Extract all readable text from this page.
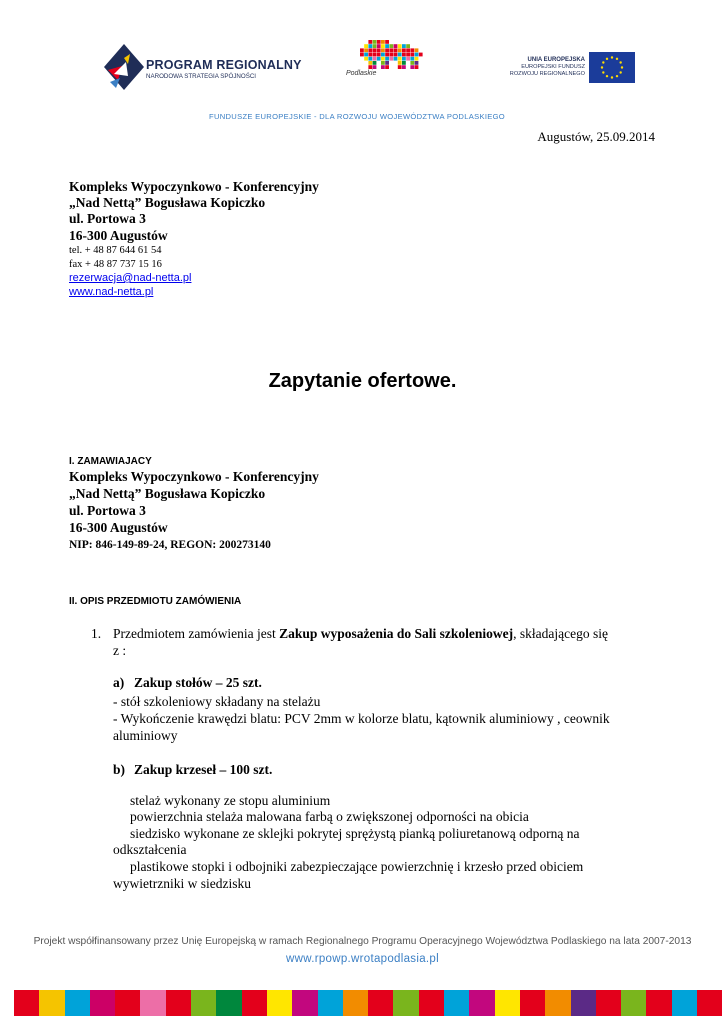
PROGRAM REGIONALNY
NARODOWA STRATEGIA SPÓJNOŚCI	Podlaskie
UNIA EUROPEJSKA
EUROPEJSKI FUNDUSZ
ROZWOJU REGIONALNEGO
FUNDUSZE EUROPEJSKIE - DLA ROZWOJU WOJEWÓDZTWA PODLASKIEGO
Augustów, 25.09.2014
Kompleks Wypoczynkowo - Konferencyjny
„Nad Nettą” Bogusława Kopiczko
ul. Portowa 3
16-300 Augustów
tel. + 48 87 644 61 54
fax + 48 87 737 15 16
rezerwacja@nad-netta.pl
www.nad-netta.pl
Zapytanie ofertowe.
I. ZAMAWIAJACY
Kompleks Wypoczynkowo - Konferencyjny
„Nad Nettą” Bogusława Kopiczko
ul. Portowa 3
16-300 Augustów
NIP: 846-149-89-24, REGON: 200273140
II. OPIS PRZEDMIOTU ZAMÓWIENIA
1. Przedmiotem zamówienia jest Zakup wyposażenia do Sali szkoleniowej, składającego się
z :
a) Zakup stołów – 25 szt.
- stół szkoleniowy składany na stelażu
- Wykończenie krawędzi blatu: PCV 2mm w kolorze blatu, kątownik aluminiowy , ceownik
aluminiowy
b) Zakup krzeseł – 100 szt.
stelaż wykonany ze stopu aluminium
powierzchnia stelaża malowana farbą o zwiększonej odporności na obicia
siedzisko wykonane ze sklejki pokrytej sprężystą pianką poliuretanową odporną na
odkształcenia
plastikowe stopki i odbojniki zabezpieczające powierzchnię i krzesło przed obiciem
wywietrzniki w siedzisku
Projekt współfinansowany przez Unię Europejską w ramach Regionalnego Programu Operacyjnego Województwa Podlaskiego na lata 2007-2013
www.rpowp.wrotapodlasia.pl
